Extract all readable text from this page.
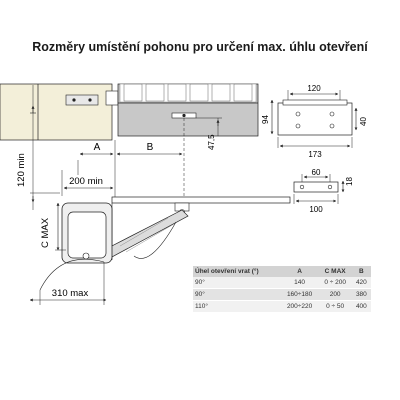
Rozměry umístění pohonu pro určení max. úhlu otevření
120 min
A	B	47,5
200 min
C MAX
310 max
120
94	40
173
60
18
100
Úhel otevření vrat (°)	A	C MAX	B
90°	140	0 ÷ 200	420
90°	160÷180	200	380
110°	200÷220	0 ÷ 50	400
